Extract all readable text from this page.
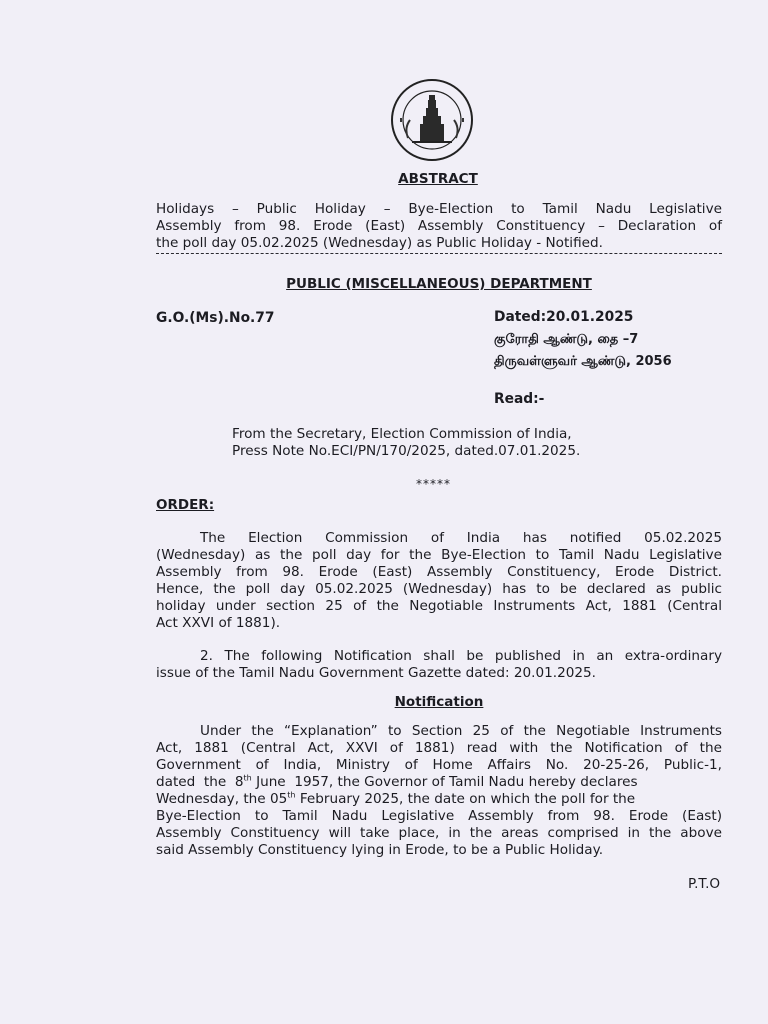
ABSTRACT
Holidays – Public Holiday – Bye-Election to Tamil Nadu Legislative
Assembly from 98. Erode (East) Assembly Constituency – Declaration of
the poll day 05.02.2025 (Wednesday) as Public Holiday - Notified.
PUBLIC (MISCELLANEOUS) DEPARTMENT
G.O.(Ms).No.77	Dated:20.01.2025
குரோதி ஆண்டு, தை –7
திருவள்ளுவர் ஆண்டு, 2056
Read:-
From the Secretary, Election Commission of India,
Press Note No.ECI/PN/170/2025, dated.07.01.2025.
*****
ORDER:
The Election Commission of India has notified 05.02.2025
(Wednesday) as the poll day for the Bye-Election to Tamil Nadu Legislative
Assembly from 98. Erode (East) Assembly Constituency, Erode District.
Hence, the poll day 05.02.2025 (Wednesday) has to be declared as public
holiday under section 25 of the Negotiable Instruments Act, 1881 (Central
Act XXVI of 1881).
2. The following Notification shall be published in an extra-ordinary
issue of the Tamil Nadu Government Gazette dated: 20.01.2025.
Notification
Under the “Explanation” to Section 25 of the Negotiable Instruments
Act, 1881 (Central Act, XXVI of 1881) read with the Notification of the
Government of India, Ministry of Home Affairs No. 20-25-26, Public-1,
dated  the  8th June  1957, the Governor of Tamil Nadu hereby declares
Wednesday, the 05th February 2025, the date on which the poll for the
Bye-Election to Tamil Nadu Legislative Assembly from 98. Erode (East)
Assembly Constituency will take place, in the areas comprised in the above
said Assembly Constituency lying in Erode, to be a Public Holiday.
P.T.O
